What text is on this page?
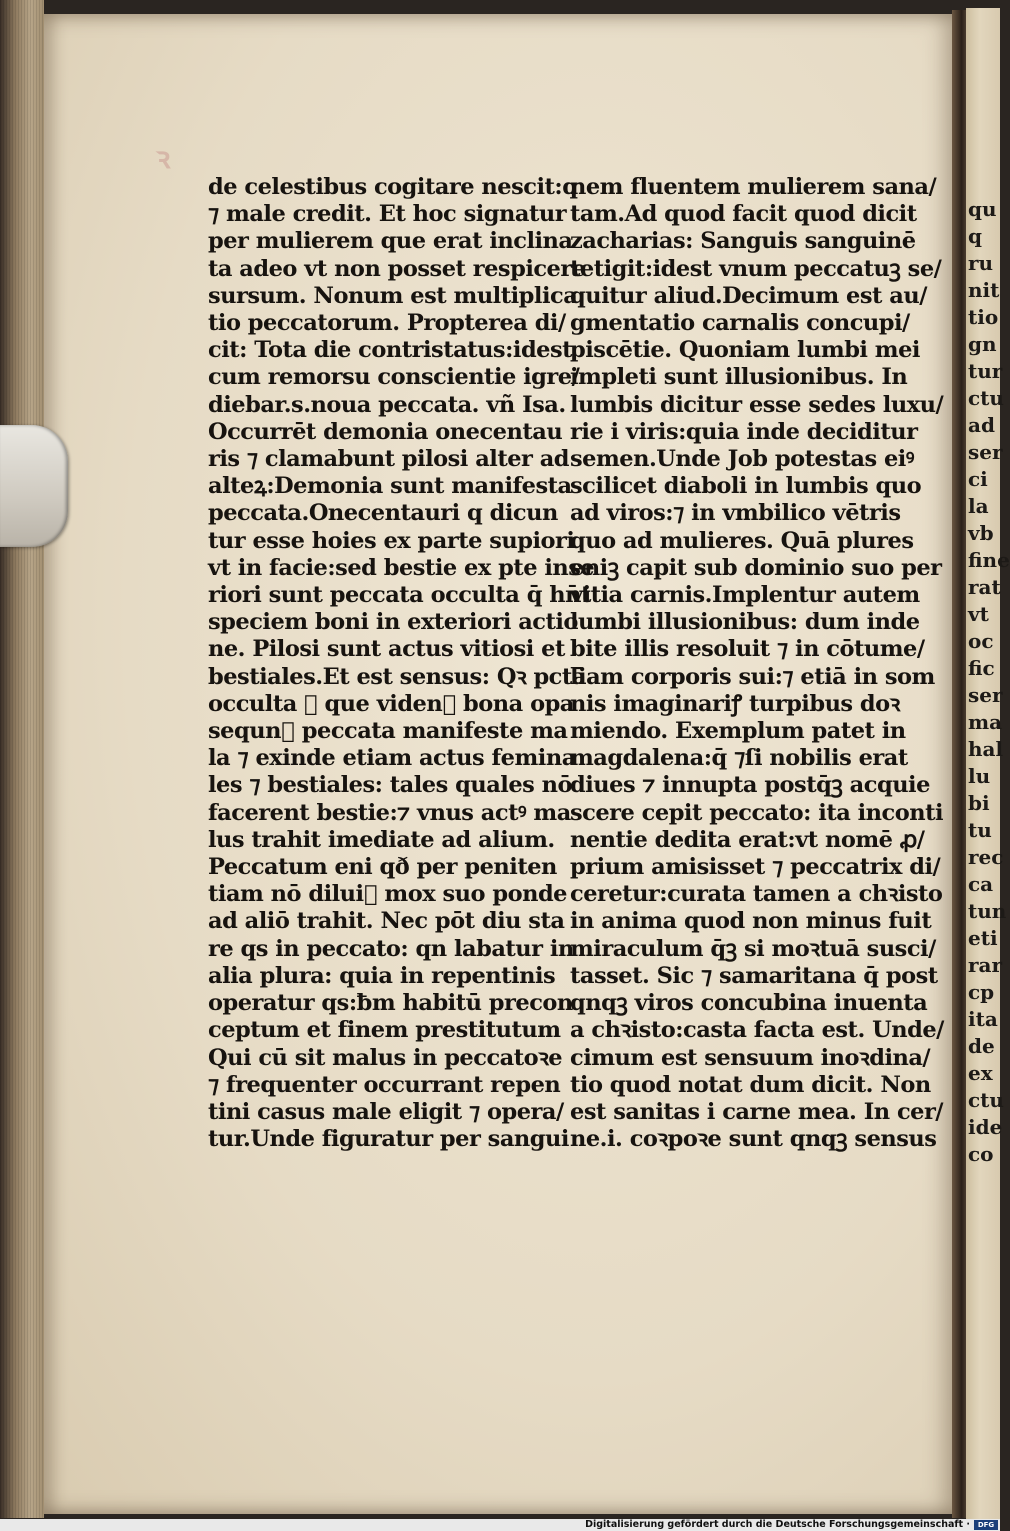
ꝛ
qu
q
ru
nit
tio
gn
tur
ctu
ad
ser
ci
la
vb
fine
rat
vt
oc
fic
ser
ma
hal
lu
bi
tu
rec
ca
tun
eti
rar
cp
ita
de
ex
ctu
ide
co
de celestibus cogitare nescit:q
⁊ male credit. Et hoc signatur
per mulierem que erat inclina
ta adeo vt non posset respicere
sursum. Nonum est multiplica
tio peccatorum. Propterea di/
cit: Tota die contristatus:idest
cum remorsu conscientie igre/
diebar.s.noua peccata. vñ Isa.
Occurrēt demonia onecentau
ris ⁊ clamabunt pilosi alter ad
alteꝝ:Demonia sunt manifesta
peccata.Onecentauri q dicun
tur esse hoies ex parte supiori
vt in facie:sed bestie ex pte inse
riori sunt peccata occulta q̄ hn̄t
speciem boni in exteriori actio
ne. Pilosi sunt actus vitiosi et
bestiales.Et est sensus: Qꝛ pctā
occulta ⁊ que videnᷣ bona opa
sequnᷣ peccata manifeste ma
la ⁊ exinde etiam actus femina
les ⁊ bestiales: tales quales nō
facerent bestie:⁊ vnus actꝰ ma
lus trahit imediate ad alium.
Peccatum eni qð per peniten
tiam nō diluiᷣ mox suo ponde
ad aliō trahit. Nec pōt diu sta
re qs in peccato: qn labatur in
alia plura: quia in repentinis
operatur qs:ƀm habitū precon
ceptum et finem prestitutum
Qui cū sit malus in peccatoꝛe
⁊ frequenter occurrant repen
tini casus male eligit ⁊ opera/
tur.Unde figuratur per sangui
nem fluentem mulierem sana/
tam.Ad quod facit quod dicit
zacharias: Sanguis sanguinē
tetigit:idest vnum peccatuꝫ se/
quitur aliud.Decimum est au/
gmentatio carnalis concupi/
piscētie. Quoniam lumbi mei
impleti sunt illusionibus. In
lumbis dicitur esse sedes luxu/
rie i viris:quia inde deciditur
semen.Unde Job potestas eiꝰ
scilicet diaboli in lumbis quo
ad viros:⁊ in vmbilico vētris
quo ad mulieres. Quā plures
eniꝫ capit sub dominio suo per
vitia carnis.Implentur autem
lumbi illusionibus: dum inde
bite illis resoluit ⁊ in cōtume/
liam corporis sui:⁊ etiā in som
nis imaginariꝭ turpibus doꝛ
miendo. Exemplum patet in
magdalena:q̄ ⁊ſi nobilis erat
diues ⁊ innupta postq̄ꝫ acquie
scere cepit peccato: ita inconti
nentie dedita erat:vt nomē ꝓ/
prium amisisset ⁊ peccatrix di/
ceretur:curata tamen a chꝛisto
in anima quod non minus fuit
miraculum q̄ꝫ si moꝛtuā susci/
tasset. Sic ⁊ samaritana q̄ post
qnqꝫ viros concubina inuenta
a chꝛisto:casta facta est. Unde/
cimum est sensuum inoꝛdina/
tio quod notat dum dicit. Non
est sanitas i carne mea. In cer/
ne.i. coꝛpoꝛe sunt qnqꝫ sensus
Digitalisierung gefördert durch die Deutsche Forschungsgemeinschaft ·	DFG
